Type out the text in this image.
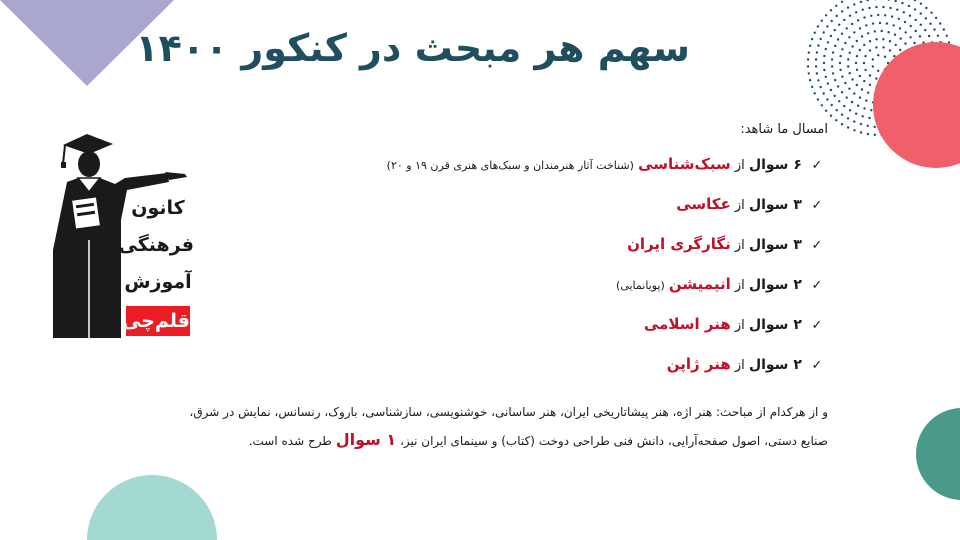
سهم هر مبحث در کنکور ۱۴۰۰
کانون
فرهنگی
آموزش
قلم‌چی

امسال ما شاهد:

✓ ۶ سوال از سبک‌شناسی (شناخت آثار هنرمندان و سبک‌های هنری قرن ۱۹ و ۲۰)
✓ ۳ سوال از عکاسی
✓ ۳ سوال از نگارگری ایران
✓ ۲ سوال از انیمیشن (پویانمایی)
✓ ۲ سوال از هنر اسلامی
✓ ۲ سوال از هنر ژاپن
و از هرکدام از مباحث: هنر اژه، هنر پیشاتاریخی ایران، هنر ساسانی، خوشنویسی، سازشناسی، باروک، رنسانس، نمایش در شرق،
صنایع دستی، اصول صفحه‌آرایی، دانش فنی طراحی دوخت (کتاب) و سینمای ایران نیز، ۱ سوال طرح شده است.
